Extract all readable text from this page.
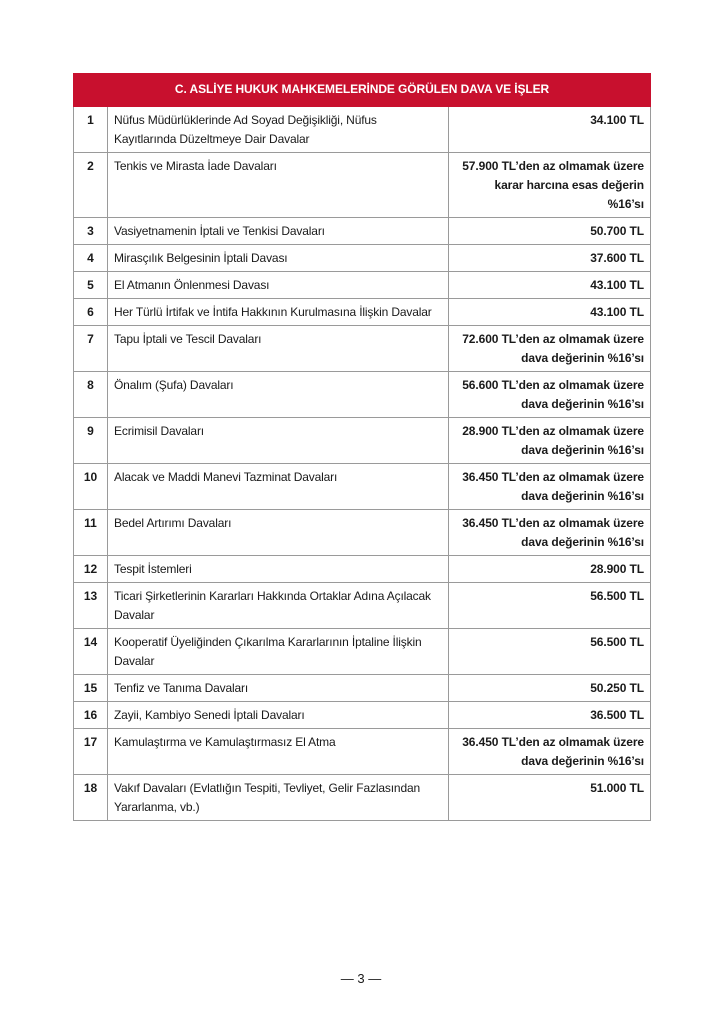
C. ASLİYE HUKUK MAHKEMELERİNDE GÖRÜLEN DAVA VE İŞLER		
1	Nüfus Müdürlüklerinde Ad Soyad Değişikliği, Nüfus Kayıtlarında Düzeltmeye Dair Davalar	34.100 TL
2	Tenkis ve Mirasta İade Davaları	57.900 TL’den az olmamak üzere karar harcına esas değerin %16’sı
3	Vasiyetnamenin İptali ve Tenkisi Davaları	50.700 TL
4	Mirasçılık Belgesinin İptali Davası	37.600 TL
5	El Atmanın Önlenmesi Davası	43.100 TL
6	Her Türlü İrtifak ve İntifa Hakkının Kurulmasına İlişkin Davalar	43.100 TL
7	Tapu İptali ve Tescil Davaları	72.600 TL’den az olmamak üzere dava değerinin %16’sı
8	Önalım (Şufa) Davaları	56.600 TL’den az olmamak üzere dava değerinin %16’sı
9	Ecrimisil Davaları	28.900 TL’den az olmamak üzere dava değerinin %16’sı
10	Alacak ve Maddi Manevi Tazminat Davaları	36.450 TL’den az olmamak üzere dava değerinin %16’sı
11	Bedel Artırımı Davaları	36.450 TL’den az olmamak üzere dava değerinin %16’sı
12	Tespit İstemleri	28.900 TL
13	Ticari Şirketlerinin Kararları Hakkında Ortaklar Adına Açılacak Davalar	56.500 TL
14	Kooperatif Üyeliğinden Çıkarılma Kararlarının İptaline İlişkin Davalar	56.500 TL
15	Tenfiz ve Tanıma Davaları	50.250 TL
16	Zayii, Kambiyo Senedi İptali Davaları	36.500 TL
17	Kamulaştırma ve Kamulaştırmasız El Atma	36.450 TL’den az olmamak üzere dava değerinin %16’sı
18	Vakıf Davaları (Evlatlığın Tespiti, Tevliyet, Gelir Fazlasından Yararlanma, vb.)	51.000 TL
— 3 —
